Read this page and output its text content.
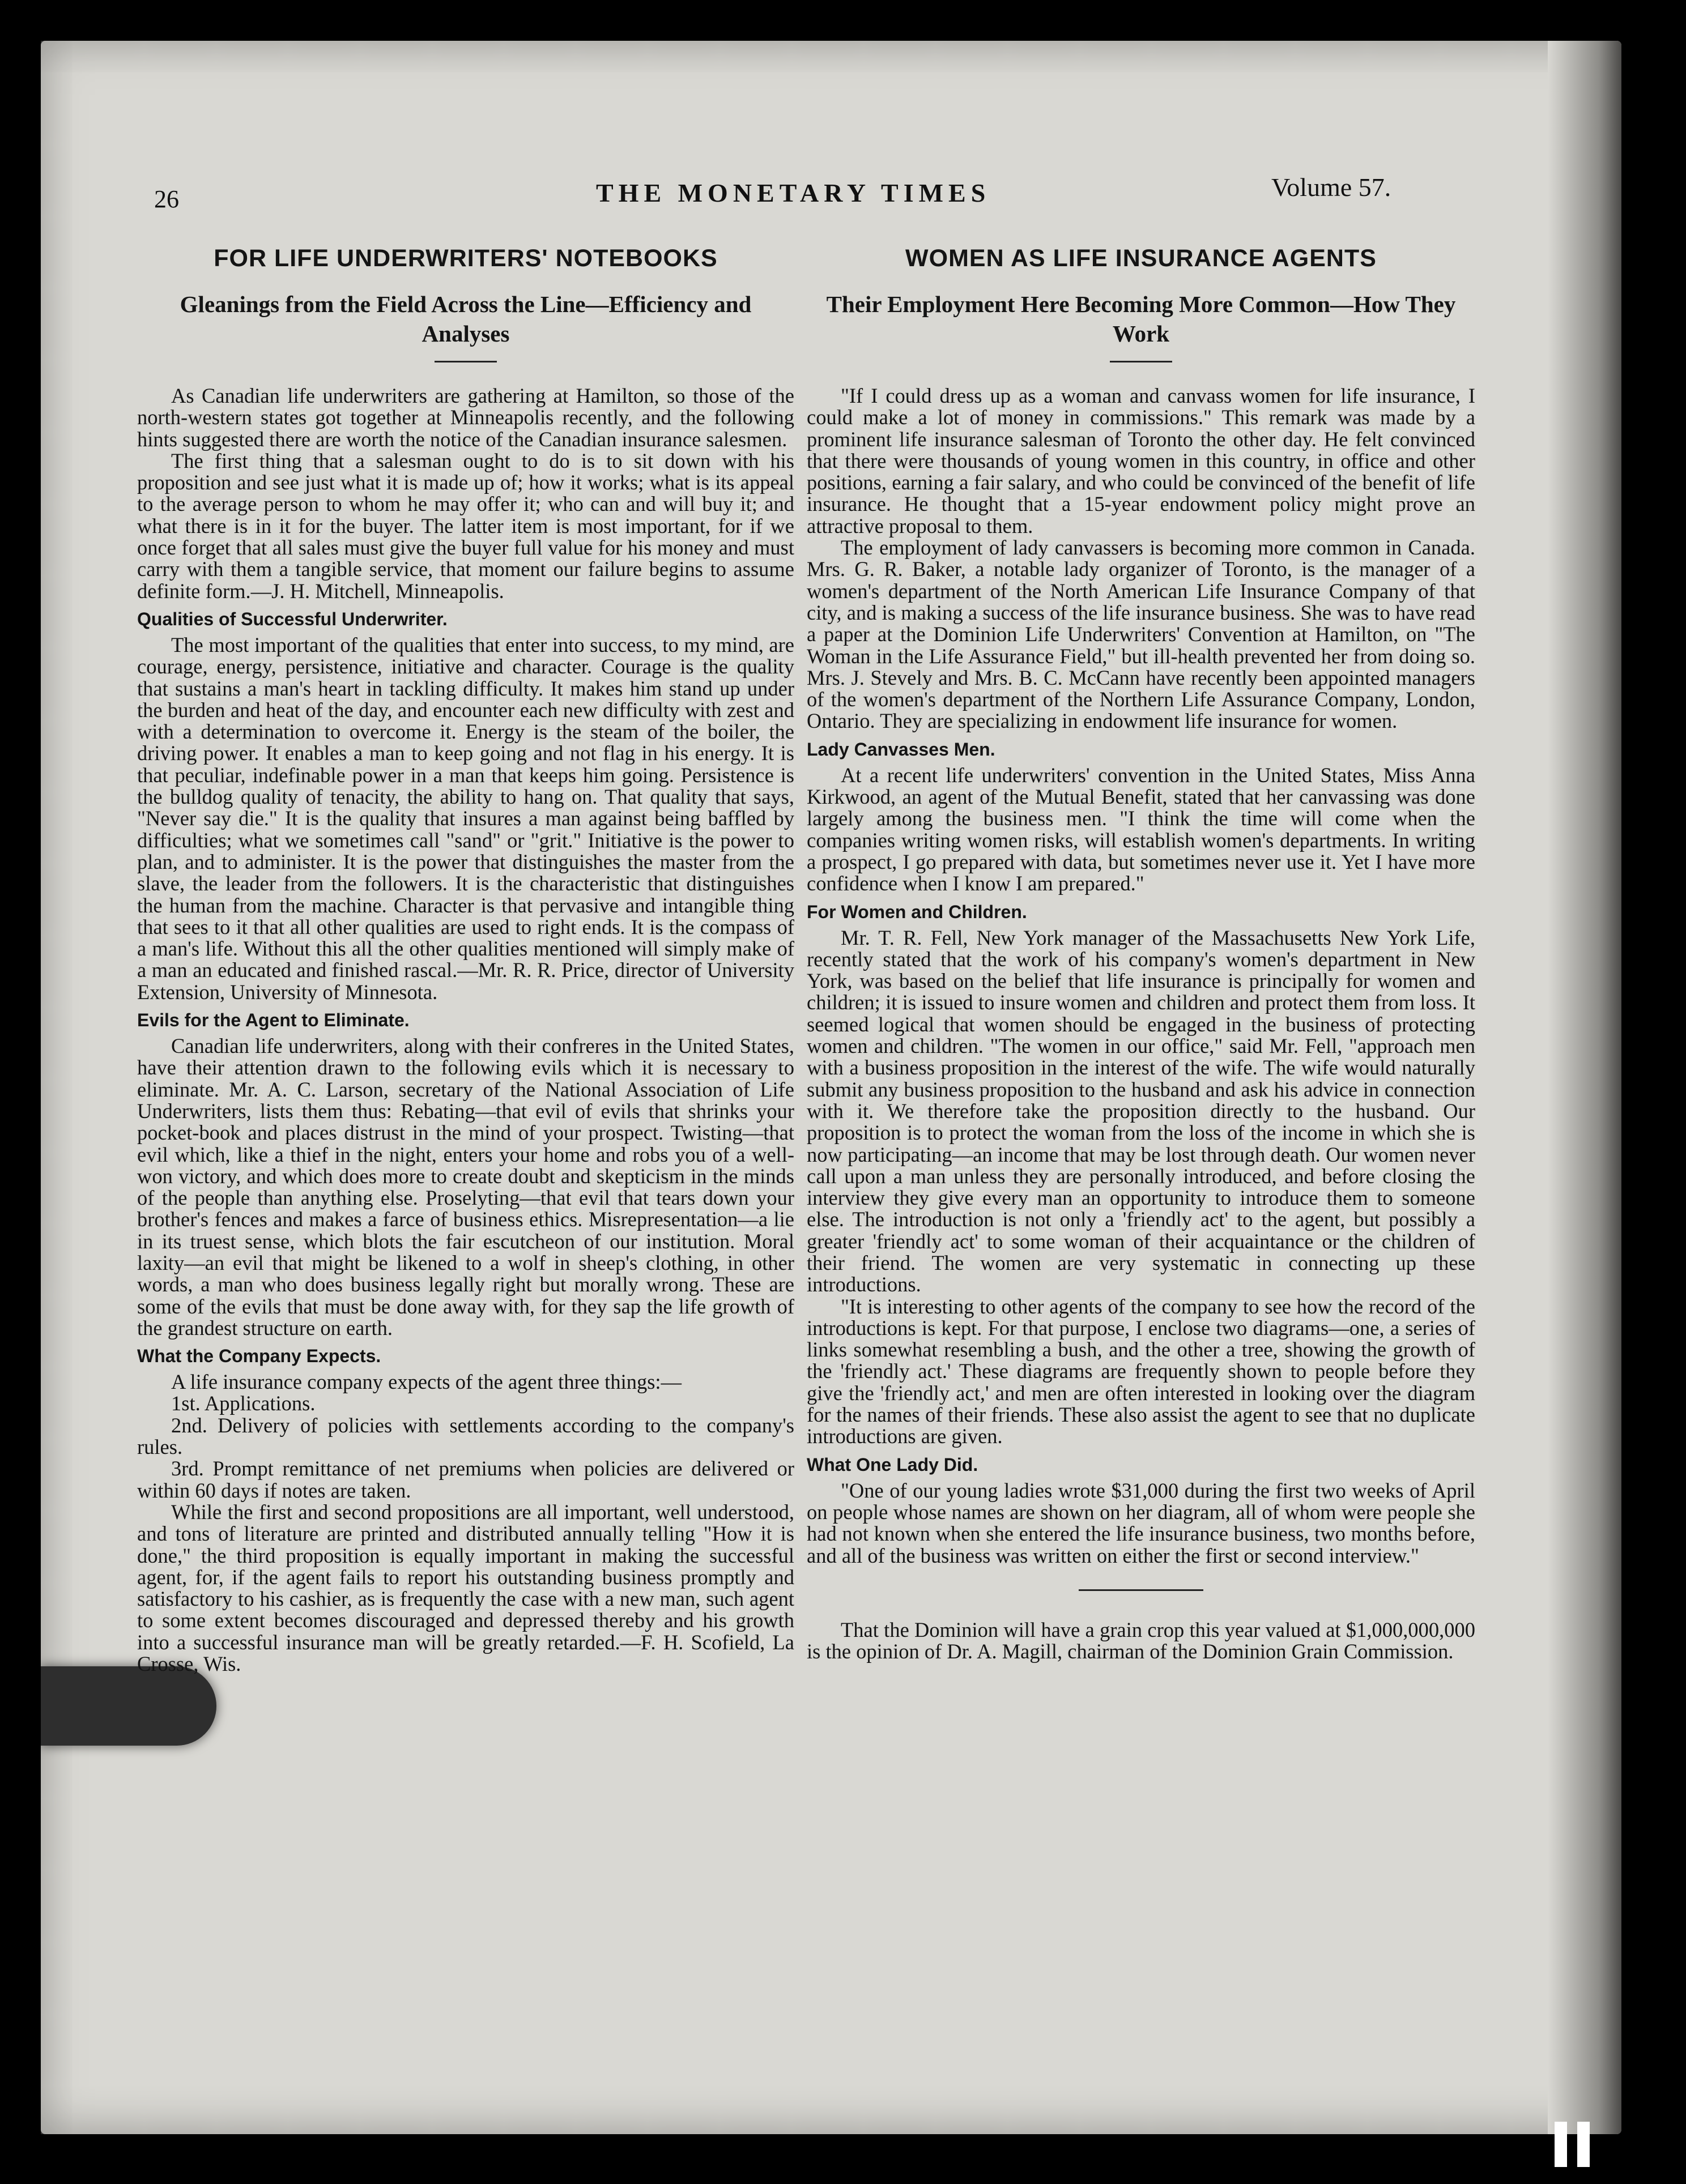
26	THE MONETARY TIMES	Volume 57.
FOR LIFE UNDERWRITERS' NOTEBOOKS
Gleanings from the Field Across the Line—Efficiency and Analyses

As Canadian life underwriters are gathering at Hamilton, so those of the north-western states got together at Minneapolis recently, and the following hints suggested there are worth the notice of the Canadian insurance salesmen.

The first thing that a salesman ought to do is to sit down with his proposition and see just what it is made up of; how it works; what is its appeal to the average person to whom he may offer it; who can and will buy it; and what there is in it for the buyer. The latter item is most important, for if we once forget that all sales must give the buyer full value for his money and must carry with them a tangible service, that moment our failure begins to assume definite form.—J. H. Mitchell, Minneapolis.

Qualities of Successful Underwriter.

The most important of the qualities that enter into success, to my mind, are courage, energy, persistence, initiative and character. Courage is the quality that sustains a man's heart in tackling difficulty. It makes him stand up under the burden and heat of the day, and encounter each new difficulty with zest and with a determination to overcome it. Energy is the steam of the boiler, the driving power. It enables a man to keep going and not flag in his energy. It is that peculiar, indefinable power in a man that keeps him going. Persistence is the bulldog quality of tenacity, the ability to hang on. That quality that says, "Never say die." It is the quality that insures a man against being baffled by difficulties; what we sometimes call "sand" or "grit." Initiative is the power to plan, and to administer. It is the power that distinguishes the master from the slave, the leader from the followers. It is the characteristic that distinguishes the human from the machine. Character is that pervasive and intangible thing that sees to it that all other qualities are used to right ends. It is the compass of a man's life. Without this all the other qualities mentioned will simply make of a man an educated and finished rascal.—Mr. R. R. Price, director of University Extension, University of Minnesota.

Evils for the Agent to Eliminate.

Canadian life underwriters, along with their confreres in the United States, have their attention drawn to the following evils which it is necessary to eliminate. Mr. A. C. Larson, secretary of the National Association of Life Underwriters, lists them thus: Rebating—that evil of evils that shrinks your pocket-book and places distrust in the mind of your prospect. Twisting—that evil which, like a thief in the night, enters your home and robs you of a well-won victory, and which does more to create doubt and skepticism in the minds of the people than anything else. Proselyting—that evil that tears down your brother's fences and makes a farce of business ethics. Misrepresentation—a lie in its truest sense, which blots the fair escutcheon of our institution. Moral laxity—an evil that might be likened to a wolf in sheep's clothing, in other words, a man who does business legally right but morally wrong. These are some of the evils that must be done away with, for they sap the life growth of the grandest structure on earth.

What the Company Expects.

A life insurance company expects of the agent three things:—

1st. Applications.

2nd. Delivery of policies with settlements according to the company's rules.

3rd. Prompt remittance of net premiums when policies are delivered or within 60 days if notes are taken.

While the first and second propositions are all important, well understood, and tons of literature are printed and distributed annually telling "How it is done," the third proposition is equally important in making the successful agent, for, if the agent fails to report his outstanding business promptly and satisfactory to his cashier, as is frequently the case with a new man, such agent to some extent becomes discouraged and depressed thereby and his growth into a successful insurance man will be greatly retarded.—F. H. Scofield, La Crosse, Wis.

WOMEN AS LIFE INSURANCE AGENTS
Their Employment Here Becoming More Common—How They Work

"If I could dress up as a woman and canvass women for life insurance, I could make a lot of money in commissions." This remark was made by a prominent life insurance salesman of Toronto the other day. He felt convinced that there were thousands of young women in this country, in office and other positions, earning a fair salary, and who could be convinced of the benefit of life insurance. He thought that a 15-year endowment policy might prove an attractive proposal to them.

The employment of lady canvassers is becoming more common in Canada. Mrs. G. R. Baker, a notable lady organizer of Toronto, is the manager of a women's department of the North American Life Insurance Company of that city, and is making a success of the life insurance business. She was to have read a paper at the Dominion Life Underwriters' Convention at Hamilton, on "The Woman in the Life Assurance Field," but ill-health prevented her from doing so. Mrs. J. Stevely and Mrs. B. C. McCann have recently been appointed managers of the women's department of the Northern Life Assurance Company, London, Ontario. They are specializing in endowment life insurance for women.

Lady Canvasses Men.

At a recent life underwriters' convention in the United States, Miss Anna Kirkwood, an agent of the Mutual Benefit, stated that her canvassing was done largely among the business men. "I think the time will come when the companies writing women risks, will establish women's departments. In writing a prospect, I go prepared with data, but sometimes never use it. Yet I have more confidence when I know I am prepared."

For Women and Children.

Mr. T. R. Fell, New York manager of the Massachusetts New York Life, recently stated that the work of his company's women's department in New York, was based on the belief that life insurance is principally for women and children; it is issued to insure women and children and protect them from loss. It seemed logical that women should be engaged in the business of protecting women and children. "The women in our office," said Mr. Fell, "approach men with a business proposition in the interest of the wife. The wife would naturally submit any business proposition to the husband and ask his advice in connection with it. We therefore take the proposition directly to the husband. Our proposition is to protect the woman from the loss of the income in which she is now participating—an income that may be lost through death. Our women never call upon a man unless they are personally introduced, and before closing the interview they give every man an opportunity to introduce them to someone else. The introduction is not only a 'friendly act' to the agent, but possibly a greater 'friendly act' to some woman of their acquaintance or the children of their friend. The women are very systematic in connecting up these introductions.

"It is interesting to other agents of the company to see how the record of the introductions is kept. For that purpose, I enclose two diagrams—one, a series of links somewhat resembling a bush, and the other a tree, showing the growth of the 'friendly act.' These diagrams are frequently shown to people before they give the 'friendly act,' and men are often interested in looking over the diagram for the names of their friends. These also assist the agent to see that no duplicate introductions are given.

What One Lady Did.

"One of our young ladies wrote $31,000 during the first two weeks of April on people whose names are shown on her diagram, all of whom were people she had not known when she entered the life insurance business, two months before, and all of the business was written on either the first or second interview."

That the Dominion will have a grain crop this year valued at $1,000,000,000 is the opinion of Dr. A. Magill, chairman of the Dominion Grain Commission.
